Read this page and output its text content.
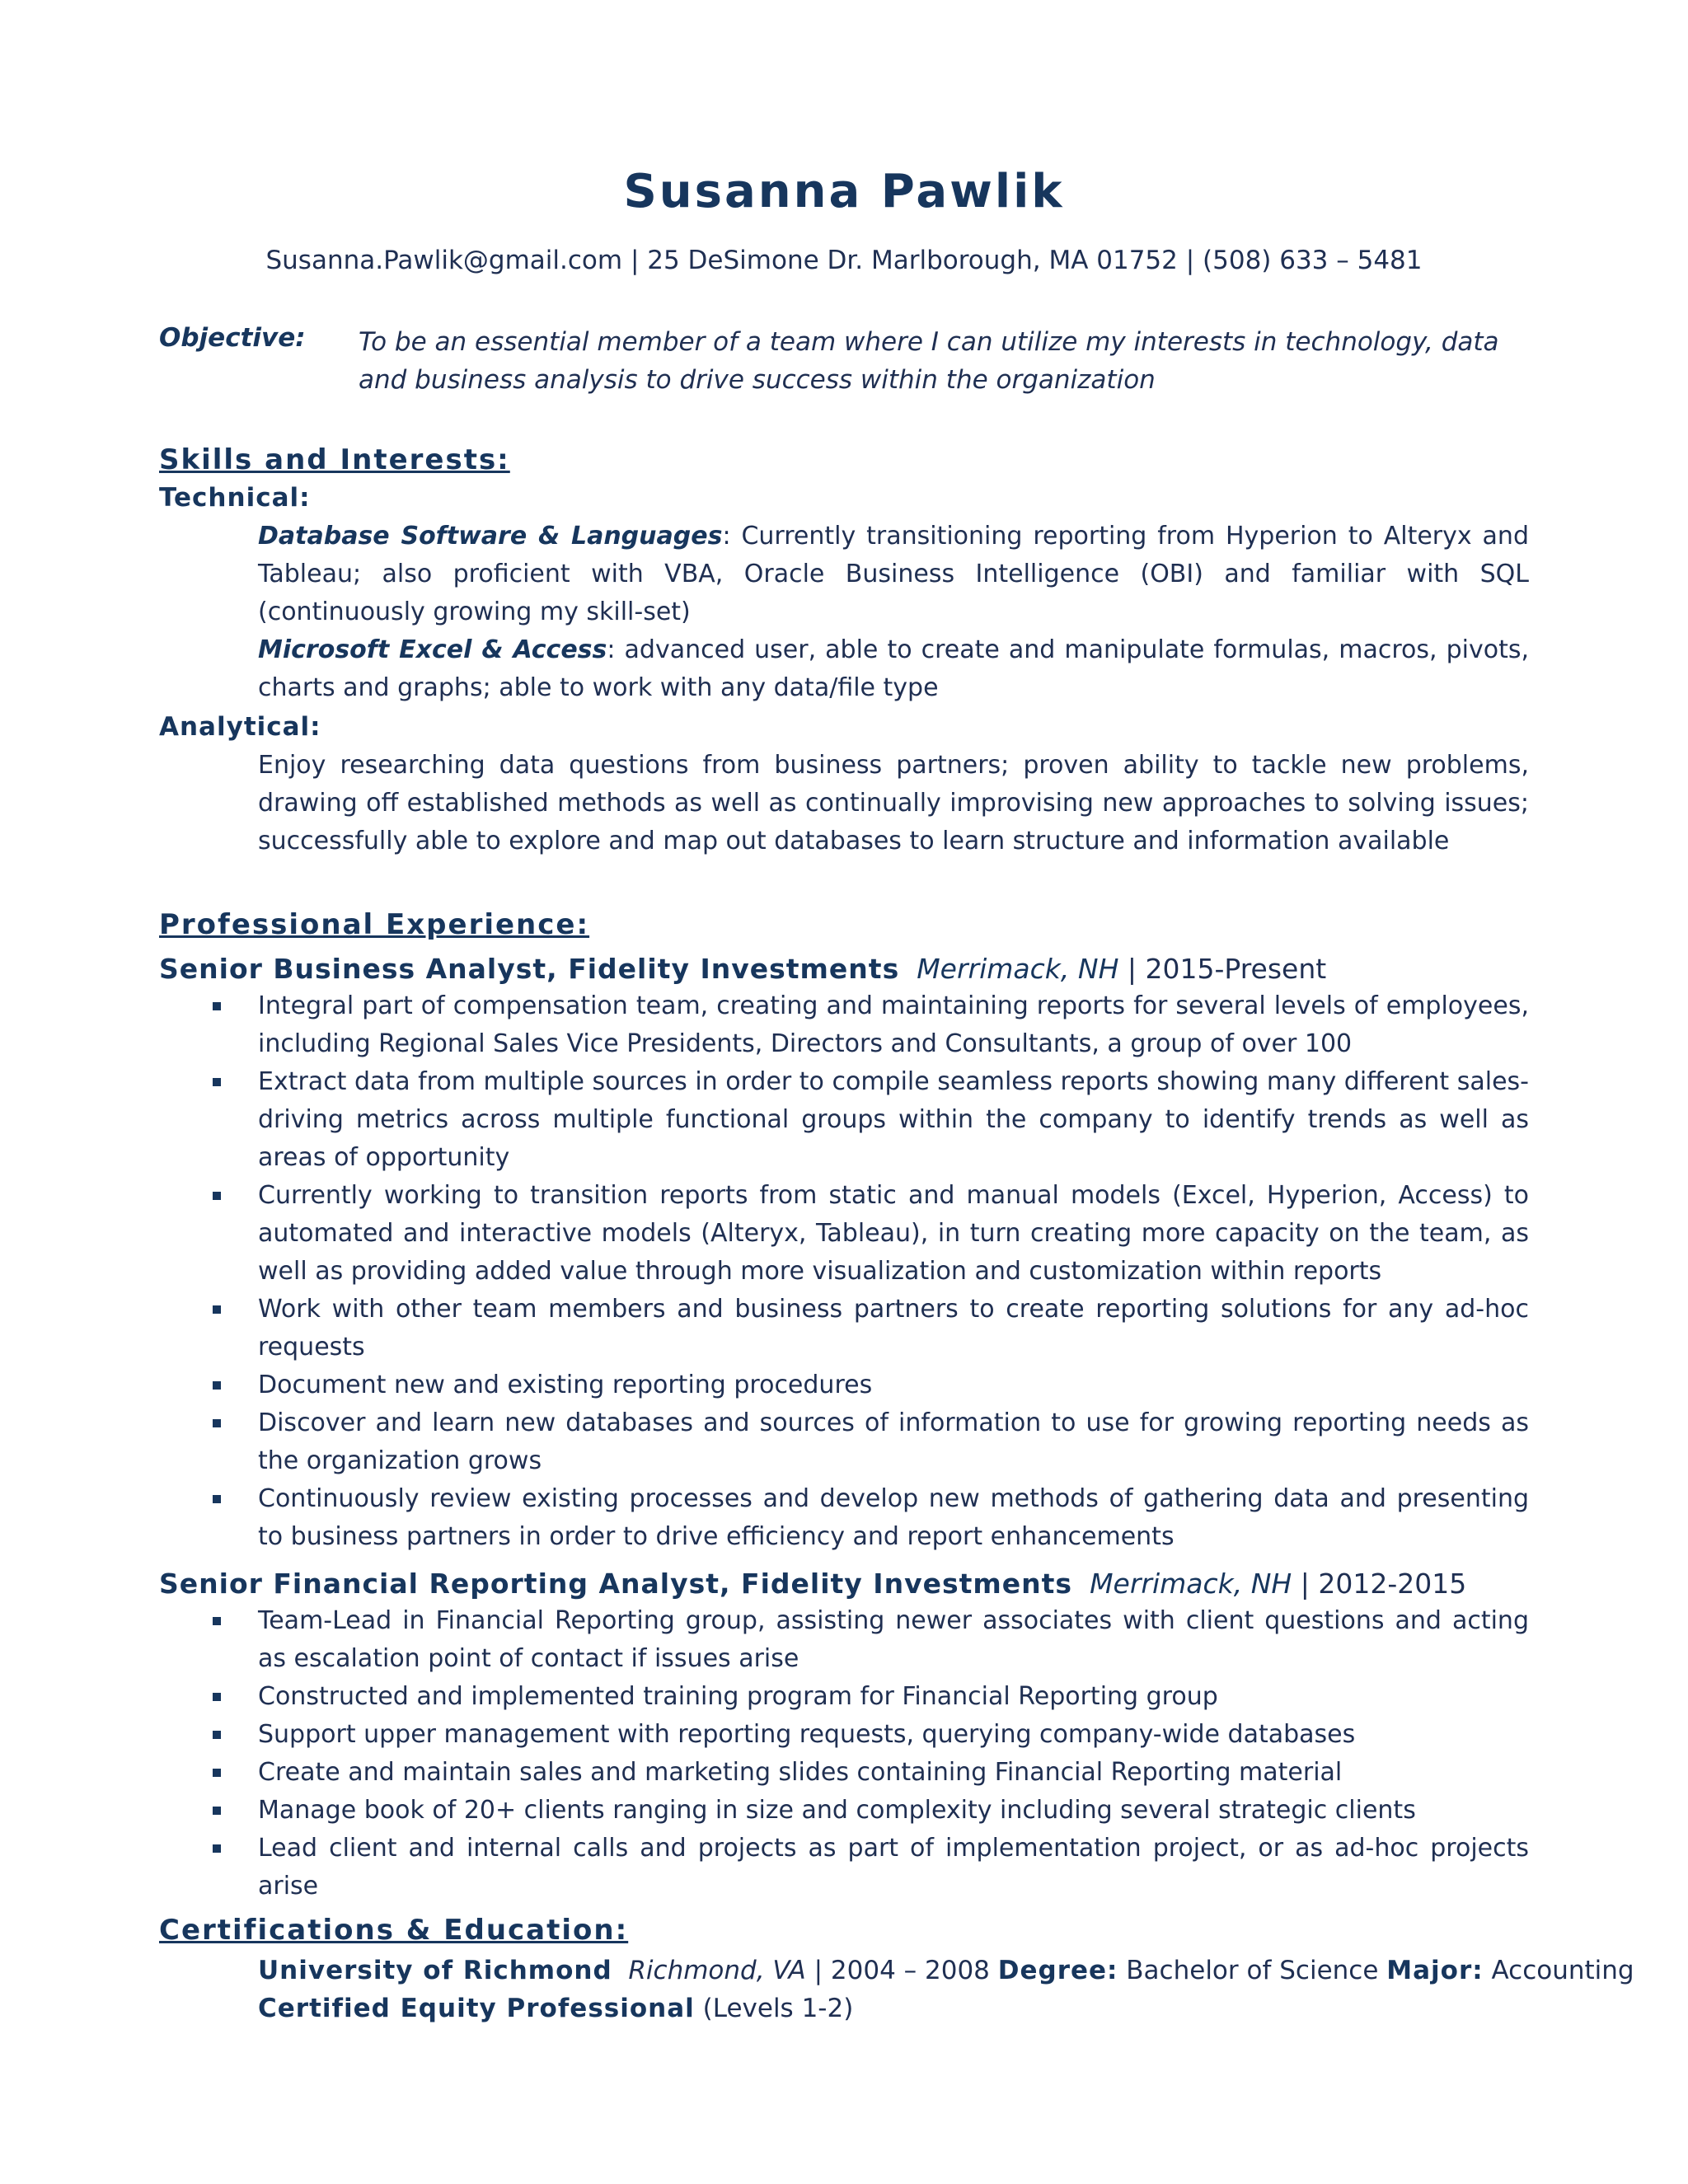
Susanna Pawlik
Susanna.Pawlik@gmail.com | 25 DeSimone Dr. Marlborough, MA 01752 | (508) 633 – 5481
Objective: To be an essential member of a team where I can utilize my interests in technology, data and business analysis to drive success within the organization
Skills and Interests:
Technical:
Database Software & Languages: Currently transitioning reporting from Hyperion to Alteryx and Tableau; also proficient with VBA, Oracle Business Intelligence (OBI) and familiar with SQL (continuously growing my skill-set)
Microsoft Excel & Access: advanced user, able to create and manipulate formulas, macros, pivots, charts and graphs; able to work with any data/file type
Analytical:
Enjoy researching data questions from business partners; proven ability to tackle new problems, drawing off established methods as well as continually improvising new approaches to solving issues; successfully able to explore and map out databases to learn structure and information available
Professional Experience:
Senior Business Analyst, Fidelity Investments Merrimack, NH | 2015-Present
Integral part of compensation team, creating and maintaining reports for several levels of employees, including Regional Sales Vice Presidents, Directors and Consultants, a group of over 100
Extract data from multiple sources in order to compile seamless reports showing many different sales-driving metrics across multiple functional groups within the company to identify trends as well as areas of opportunity
Currently working to transition reports from static and manual models (Excel, Hyperion, Access) to automated and interactive models (Alteryx, Tableau), in turn creating more capacity on the team, as well as providing added value through more visualization and customization within reports
Work with other team members and business partners to create reporting solutions for any ad-hoc requests
Document new and existing reporting procedures
Discover and learn new databases and sources of information to use for growing reporting needs as the organization grows
Continuously review existing processes and develop new methods of gathering data and presenting to business partners in order to drive efficiency and report enhancements
Senior Financial Reporting Analyst, Fidelity Investments Merrimack, NH | 2012-2015
Team-Lead in Financial Reporting group, assisting newer associates with client questions and acting as escalation point of contact if issues arise
Constructed and implemented training program for Financial Reporting group
Support upper management with reporting requests, querying company-wide databases
Create and maintain sales and marketing slides containing Financial Reporting material
Manage book of 20+ clients ranging in size and complexity including several strategic clients
Lead client and internal calls and projects as part of implementation project, or as ad-hoc projects arise
Certifications & Education:
University of Richmond Richmond, VA | 2004 – 2008 Degree: Bachelor of Science Major: Accounting
Certified Equity Professional (Levels 1-2)
